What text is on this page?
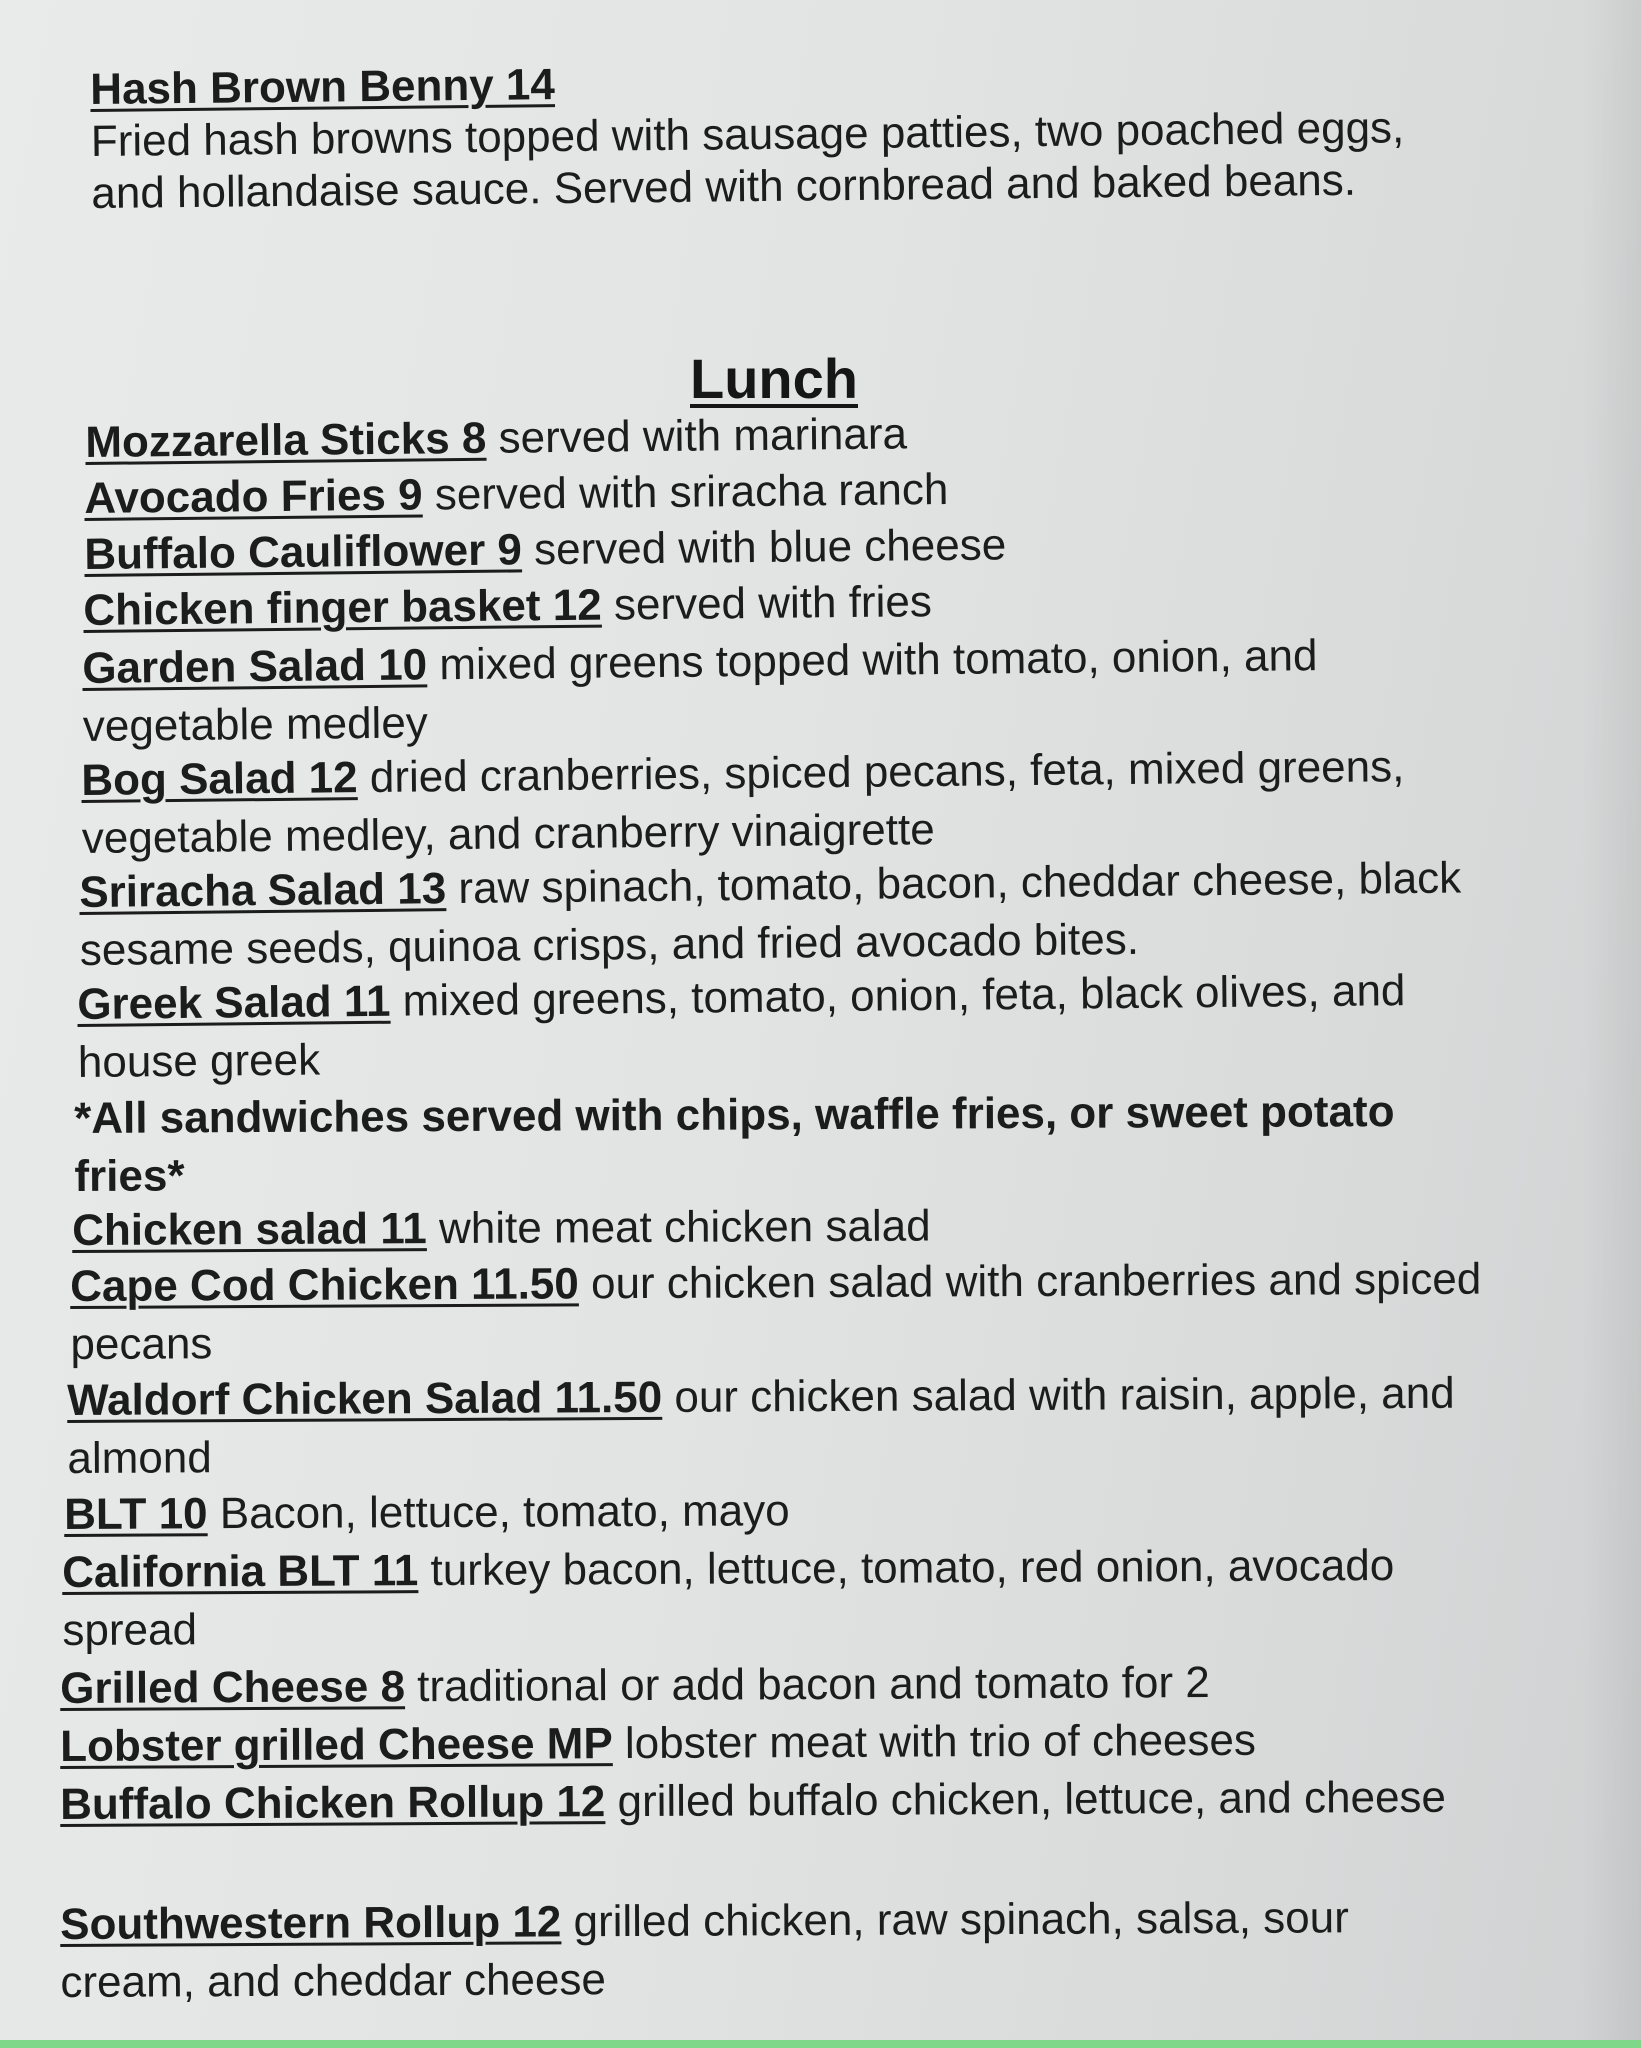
Hash Brown Benny 14
Fried hash browns topped with sausage patties, two poached eggs, and hollandaise sauce. Served with cornbread and baked beans.
Lunch
Mozzarella Sticks 8 served with marinara
Avocado Fries 9 served with sriracha ranch
Buffalo Cauliflower 9 served with blue cheese
Chicken finger basket 12 served with fries
Garden Salad 10 mixed greens topped with tomato, onion, and vegetable medley
Bog Salad 12 dried cranberries, spiced pecans, feta, mixed greens, vegetable medley, and cranberry vinaigrette
Sriracha Salad 13 raw spinach, tomato, bacon, cheddar cheese, black sesame seeds, quinoa crisps, and fried avocado bites.
Greek Salad 11 mixed greens, tomato, onion, feta, black olives, and house greek
*All sandwiches served with chips, waffle fries, or sweet potato fries*
Chicken salad 11 white meat chicken salad
Cape Cod Chicken 11.50 our chicken salad with cranberries and spiced pecans
Waldorf Chicken Salad 11.50 our chicken salad with raisin, apple, and almond
BLT 10 Bacon, lettuce, tomato, mayo
California BLT 11 turkey bacon, lettuce, tomato, red onion, avocado spread
Grilled Cheese 8 traditional or add bacon and tomato for 2
Lobster grilled Cheese MP lobster meat with trio of cheeses
Buffalo Chicken Rollup 12 grilled buffalo chicken, lettuce, and cheese
Southwestern Rollup 12 grilled chicken, raw spinach, salsa, sour cream, and cheddar cheese
